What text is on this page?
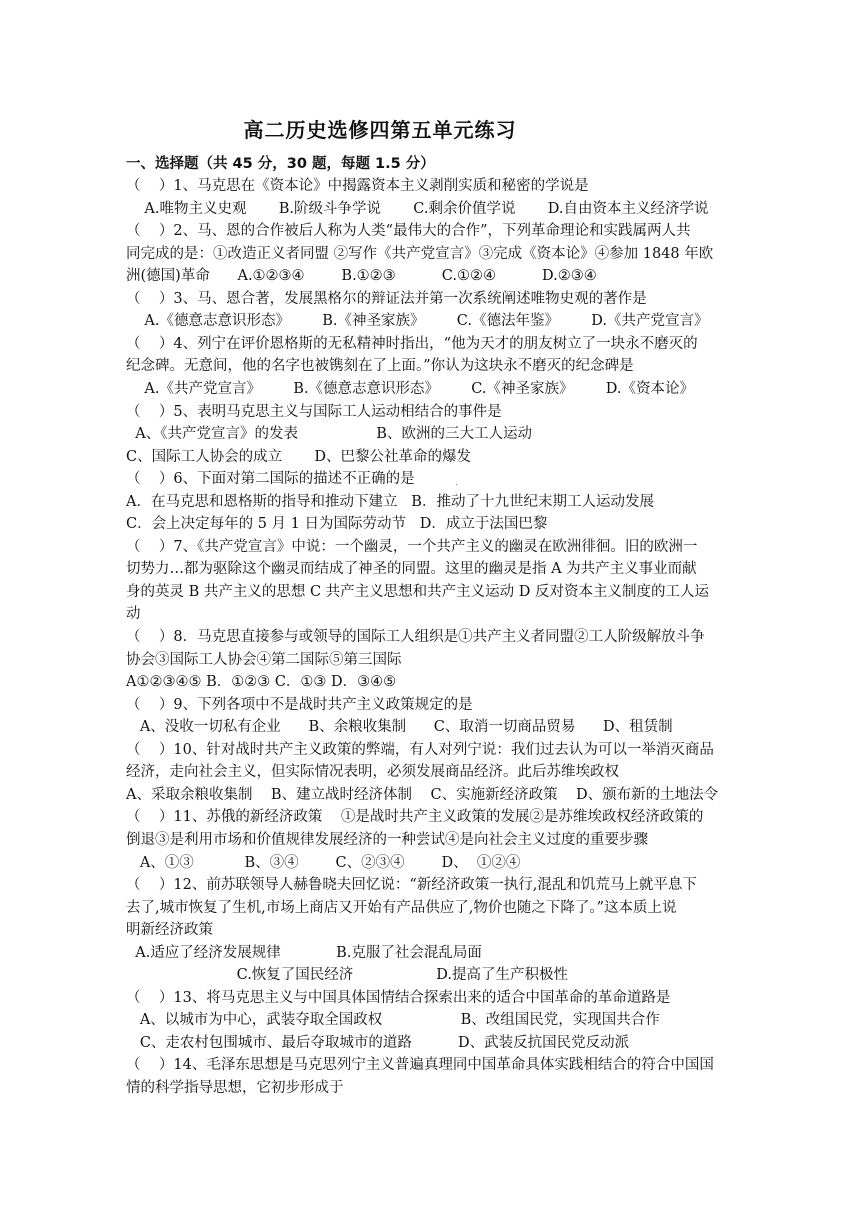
高二历史选修四第五单元练习
一、选择题（共 45 分，30 题，每题 1.5 分）
（    ）1、马克思在《资本论》中揭露资本主义剥削实质和秘密的学说是
A.唯物主义史观       B.阶级斗争学说       C.剩余价值学说       D.自由资本主义经济学说
（    ）2、马、恩的合作被后人称为人类“最伟大的合作”，下列革命理论和实践属两人共
同完成的是：①改造正义者同盟 ②写作《共产党宣言》③完成《资本论》④参加 1848 年欧
洲(德国)革命      A.①②③④        B.①②③          C.①②④          D.②③④
（    ）3、马、恩合著，发展黑格尔的辩证法并第一次系统阐述唯物史观的著作是
A.《德意志意识形态》       B.《神圣家族》       C.《德法年鉴》       D.《共产党宣言》
（    ）4、列宁在评价恩格斯的无私精神时指出，“他为天才的朋友树立了一块永不磨灭的
纪念碑。无意间，他的名字也被镌刻在了上面。”你认为这块永不磨灭的纪念碑是
A.《共产党宣言》       B.《德意志意识形态》       C.《神圣家族》       D.《资本论》
（    ）5、表明马克思主义与国际工人运动相结合的事件是
A、《共产党宣言》的发表                 B、欧洲的三大工人运动
C、国际工人协会的成立       D、巴黎公社革命的爆发
（    ）6、下面对第二国际的描述不正确的是
A．在马克思和恩格斯的指导和推动下建立   B．推动了十九世纪末期工人运动发展
C．会上决定每年的 5 月 1 日为国际劳动节   D．成立于法国巴黎
（    ）7、《共产党宣言》中说：一个幽灵，一个共产主义的幽灵在欧洲徘徊。旧的欧洲一
切势力…都为驱除这个幽灵而结成了神圣的同盟。这里的幽灵是指 A 为共产主义事业而献
身的英灵 B 共产主义的思想 C 共产主义思想和共产主义运动 D 反对资本主义制度的工人运
动
（    ）8．马克思直接参与或领导的国际工人组织是①共产主义者同盟②工人阶级解放斗争
协会③国际工人协会④第二国际⑤第三国际
A①②③④⑤ B．①②③ C．①③ D．③④⑤
（    ）9、下列各项中不是战时共产主义政策规定的是
A、没收一切私有企业      B、余粮收集制      C、取消一切商品贸易      D、租赁制
（    ）10、针对战时共产主义政策的弊端，有人对列宁说：我们过去认为可以一举消灭商品
经济，走向社会主义，但实际情况表明，必须发展商品经济。此后苏维埃政权
A、采取余粮收集制    B、建立战时经济体制    C、实施新经济政策    D、颁布新的土地法令
（    ）11、苏俄的新经济政策    ①是战时共产主义政策的发展②是苏维埃政权经济政策的
倒退③是利用市场和价值规律发展经济的一种尝试④是向社会主义过度的重要步骤
A、①③           B、③④        C、②③④        D、  ①②④
（    ）12、前苏联领导人赫鲁晓夫回忆说：“新经济政策一执行,混乱和饥荒马上就平息下
去了,城市恢复了生机,市场上商店又开始有产品供应了,物价也随之下降了。”这本质上说
明新经济政策
A.适应了经济发展规律            B.克服了社会混乱局面
C.恢复了国民经济                  D.提高了生产积极性
（    ）13、将马克思主义与中国具体国情结合探索出来的适合中国革命的革命道路是
A、以城市为中心，武装夺取全国政权                 B、改组国民党，实现国共合作
C、走农村包围城市、最后夺取城市的道路          D、武装反抗国民党反动派
（    ）14、毛泽东思想是马克思列宁主义普遍真理同中国革命具体实践相结合的符合中国国
情的科学指导思想，它初步形成于
.
